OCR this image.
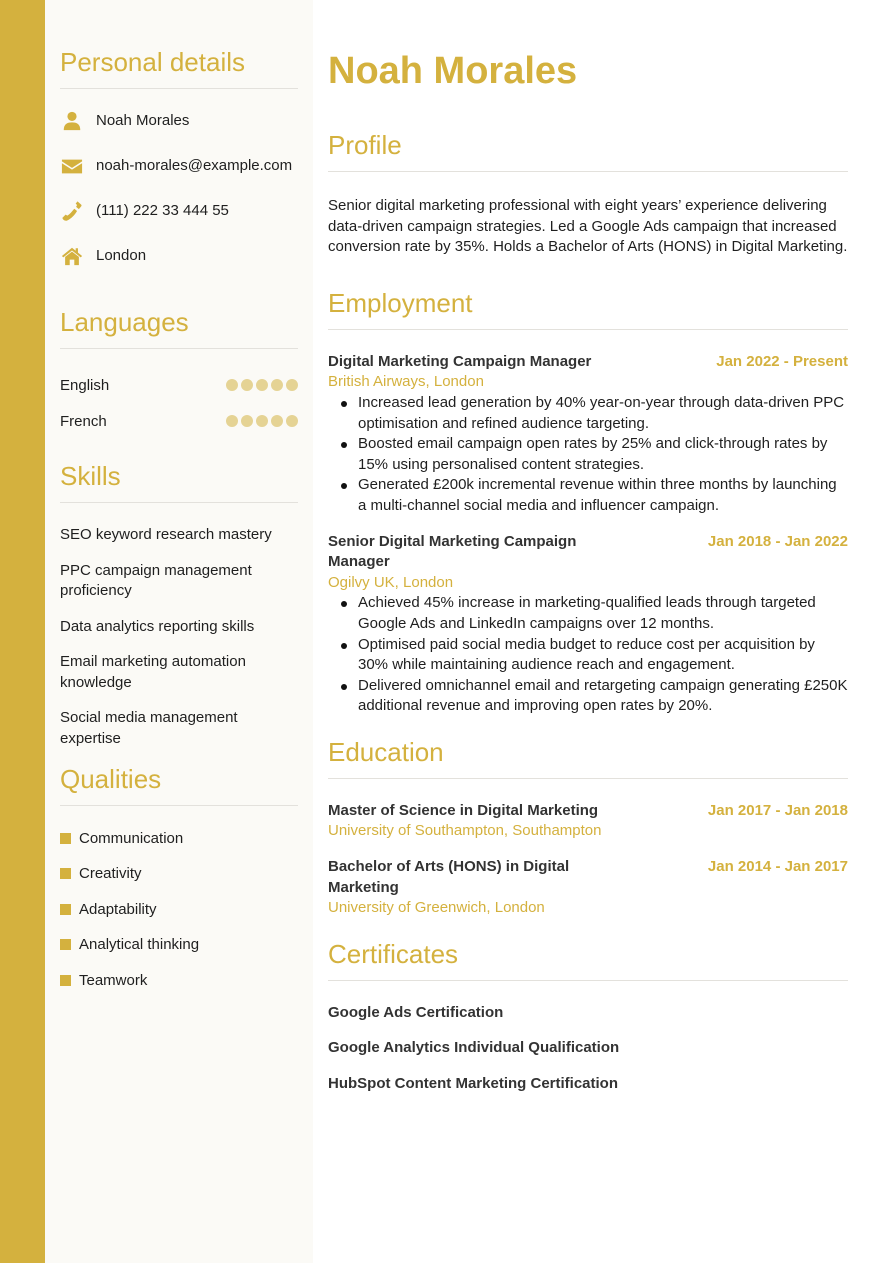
Personal details
Noah Morales
noah-morales@example.com
(111) 222 33 444 55
London
Languages
English
French
Skills
SEO keyword research mastery
PPC campaign management proficiency
Data analytics reporting skills
Email marketing automation knowledge
Social media management expertise
Qualities
Communication
Creativity
Adaptability
Analytical thinking
Teamwork
Noah Morales
Profile

Senior digital marketing professional with eight years’ experience delivering data-driven campaign strategies. Led a Google Ads campaign that increased conversion rate by 35%. Holds a Bachelor of Arts (HONS) in Digital Marketing.

Employment
Digital Marketing Campaign Manager	Jan 2022 - Present
British Airways, London
Increased lead generation by 40% year-on-year through data-driven PPC optimisation and refined audience targeting.
Boosted email campaign open rates by 25% and click-through rates by 15% using personalised content strategies.
Generated £200k incremental revenue within three months by launching a multi-channel social media and influencer campaign.
Senior Digital Marketing Campaign Manager
Jan 2018 - Jan 2022
Ogilvy UK, London
Achieved 45% increase in marketing-qualified leads through targeted Google Ads and LinkedIn campaigns over 12 months.
Optimised paid social media budget to reduce cost per acquisition by 30% while maintaining audience reach and engagement.
Delivered omnichannel email and retargeting campaign generating £250K additional revenue and improving open rates by 20%.
Education
Master of Science in Digital Marketing	Jan 2017 - Jan 2018
University of Southampton, Southampton
Bachelor of Arts (HONS) in Digital Marketing
Jan 2014 - Jan 2017
University of Greenwich, London
Certificates
Google Ads Certification
Google Analytics Individual Qualification
HubSpot Content Marketing Certification
